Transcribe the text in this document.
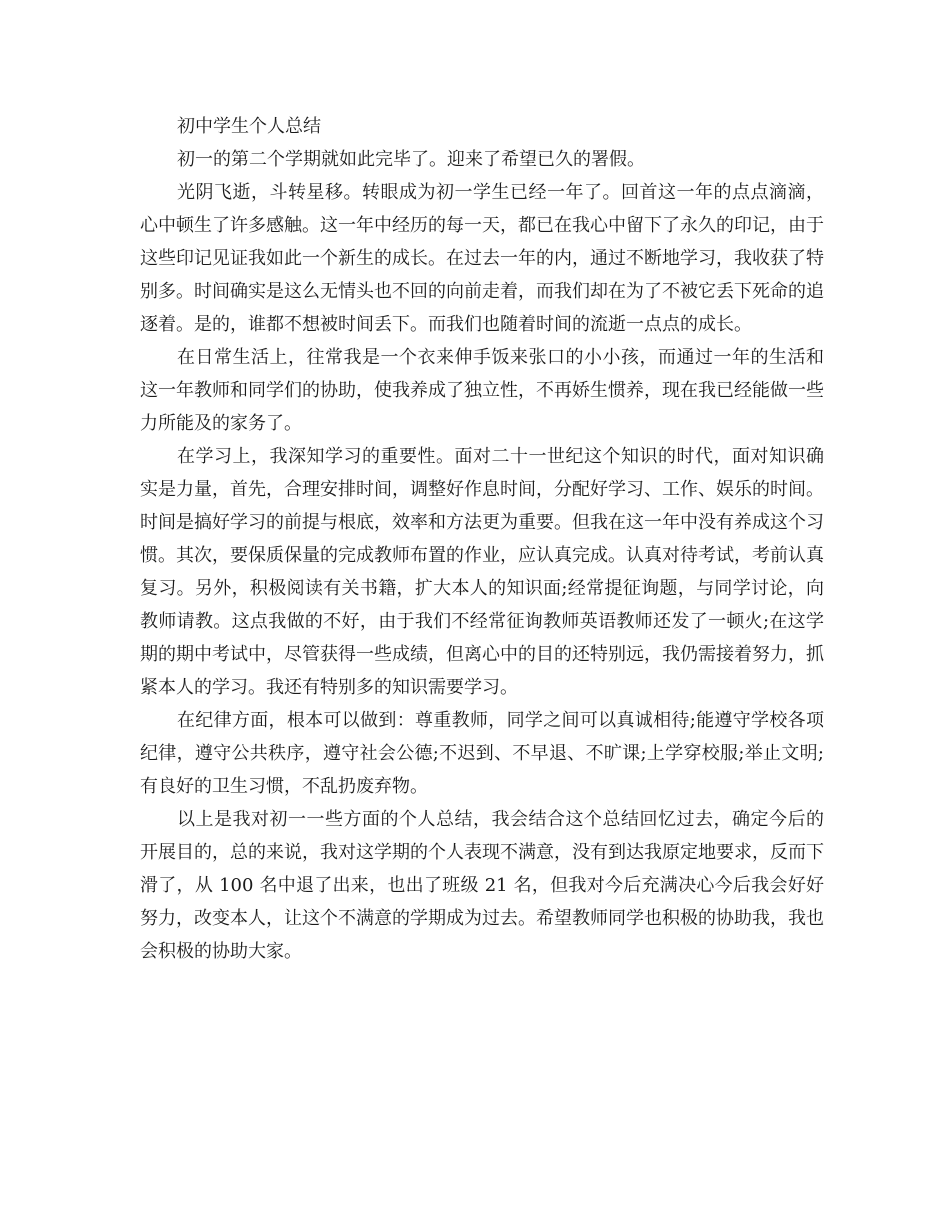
初中学生个人总结

初一的第二个学期就如此完毕了。迎来了希望已久的署假。

光阴飞逝，斗转星移。转眼成为初一学生已经一年了。回首这一年的点点滴滴，心中顿生了许多感触。这一年中经历的每一天，都已在我心中留下了永久的印记，由于这些印记见证我如此一个新生的成长。在过去一年的内，通过不断地学习，我收获了特别多。时间确实是这么无情头也不回的向前走着，而我们却在为了不被它丢下死命的追逐着。是的，谁都不想被时间丢下。而我们也随着时间的流逝一点点的成长。

在日常生活上，往常我是一个衣来伸手饭来张口的小小孩，而通过一年的生活和这一年教师和同学们的协助，使我养成了独立性，不再娇生惯养，现在我已经能做一些力所能及的家务了。

在学习上，我深知学习的重要性。面对二十一世纪这个知识的时代，面对知识确实是力量，首先，合理安排时间，调整好作息时间，分配好学习、工作、娱乐的时间。时间是搞好学习的前提与根底，效率和方法更为重要。但我在这一年中没有养成这个习惯。其次，要保质保量的完成教师布置的作业，应认真完成。认真对待考试，考前认真复习。另外，积极阅读有关书籍，扩大本人的知识面;经常提征询题，与同学讨论，向教师请教。这点我做的不好，由于我们不经常征询教师英语教师还发了一顿火;在这学期的期中考试中，尽管获得一些成绩，但离心中的目的还特别远，我仍需接着努力，抓紧本人的学习。我还有特别多的知识需要学习。

在纪律方面，根本可以做到：尊重教师，同学之间可以真诚相待;能遵守学校各项纪律，遵守公共秩序，遵守社会公德;不迟到、不早退、不旷课;上学穿校服;举止文明;有良好的卫生习惯，不乱扔废弃物。

以上是我对初一一些方面的个人总结，我会结合这个总结回忆过去，确定今后的开展目的，总的来说，我对这学期的个人表现不满意，没有到达我原定地要求，反而下滑了，从 100 名中退了出来，也出了班级 21 名，但我对今后充满决心今后我会好好努力，改变本人，让这个不满意的学期成为过去。希望教师同学也积极的协助我，我也会积极的协助大家。
